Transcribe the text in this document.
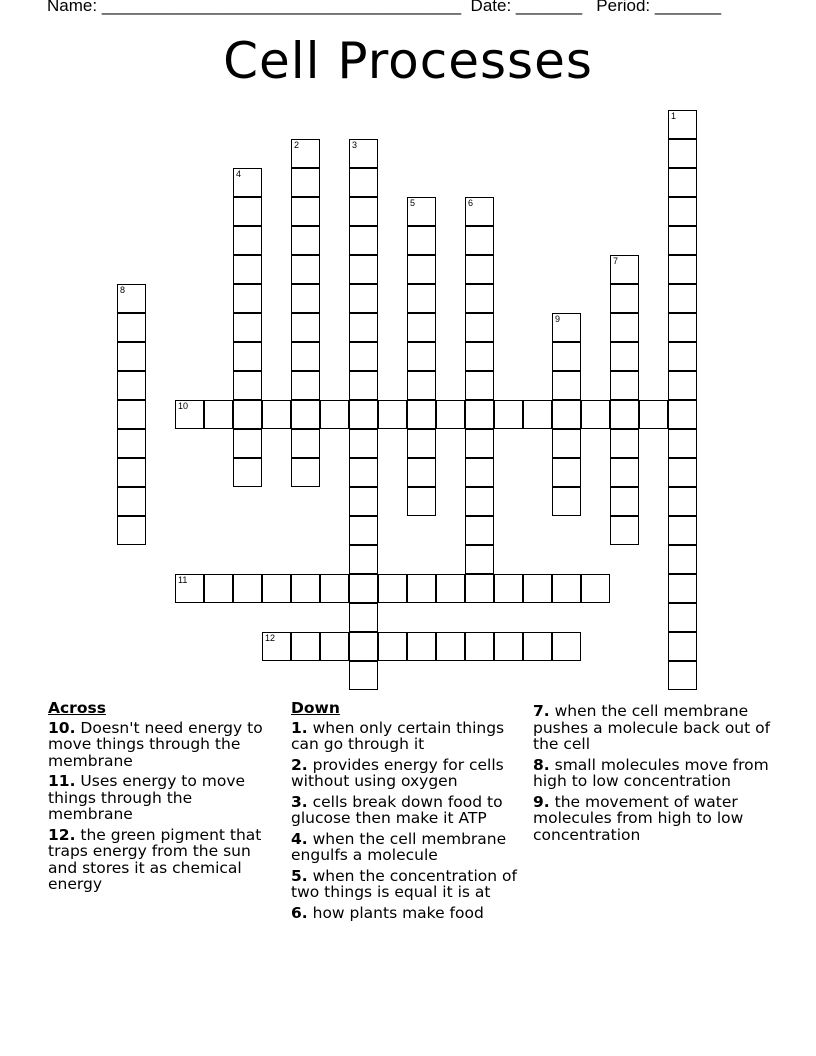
Name: ______________________________________ Date: _______ Period: _______
Cell Processes
1
2	3
4
5	6
7
8
9
10
11
12
Across
10. Doesn't need energy to move things through the membrane
11. Uses energy to move things through the membrane
12. the green pigment that traps energy from the sun and stores it as chemical energy
Down
1. when only certain things can go through it
2. provides energy for cells without using oxygen
3. cells break down food to glucose then make it ATP
4. when the cell membrane engulfs a molecule
5. when the concentration of two things is equal it is at
6. how plants make food
7. when the cell membrane pushes a molecule back out of the cell
8. small molecules move from high to low concentration
9. the movement of water molecules from high to low concentration
